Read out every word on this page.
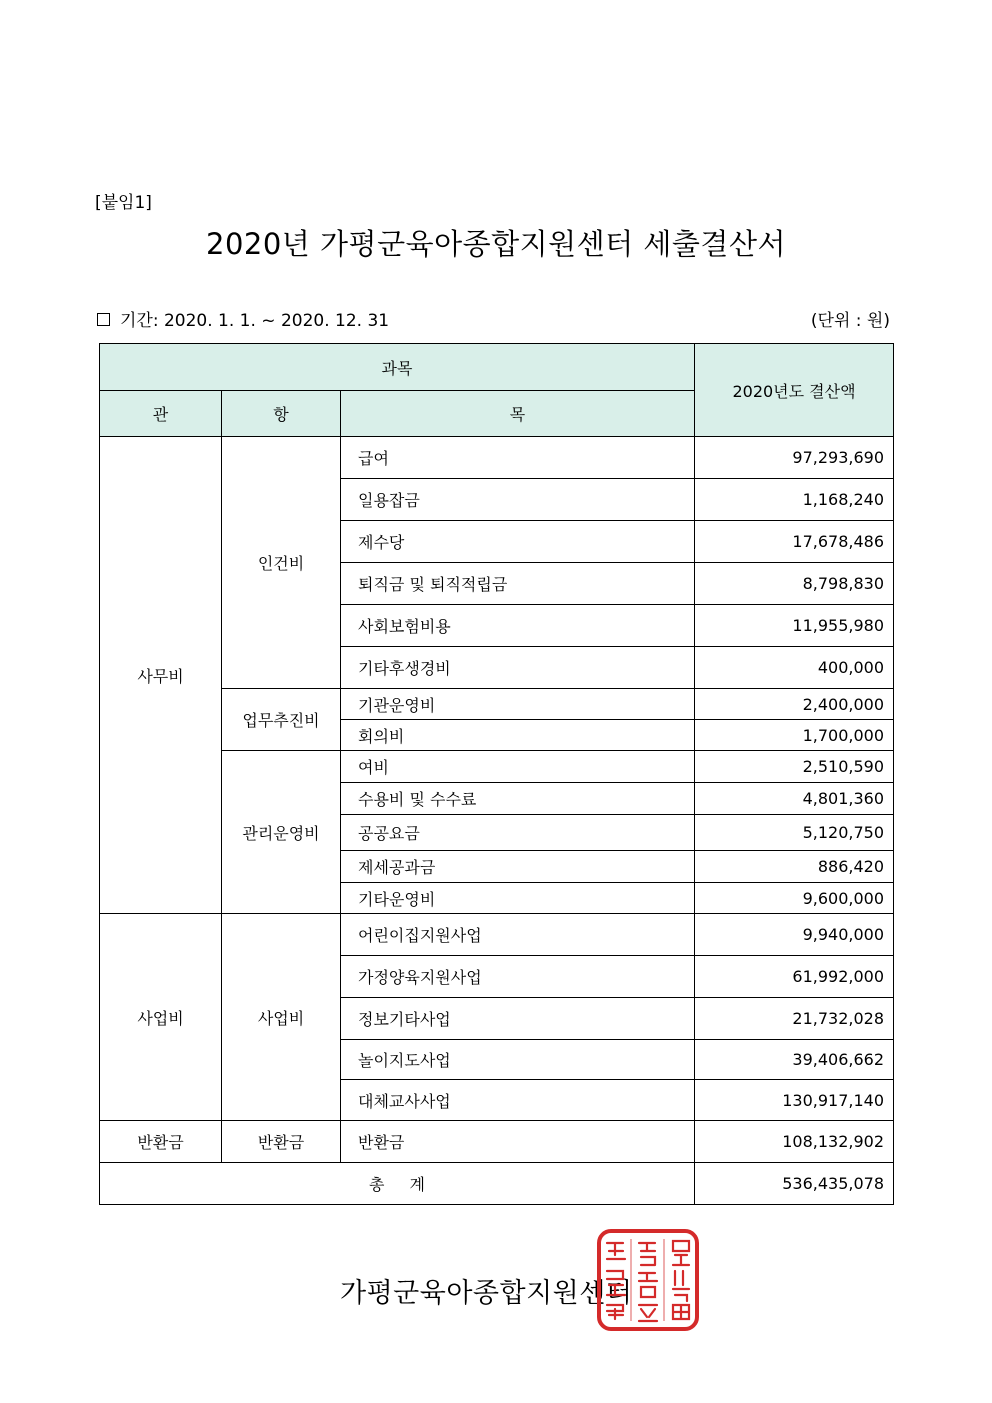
[붙임1]
2020년 가평군육아종합지원센터 세출결산서
기간: 2020. 1. 1. ~ 2020. 12. 31	(단위 : 원)
과목			2020년도 결산액
관	항	목	
사무비	인건비	급여	97,293,690
		일용잡금	1,168,240
		제수당	17,678,486
		퇴직금 및 퇴직적립금	8,798,830
		사회보험비용	11,955,980
		기타후생경비	400,000
	업무추진비	기관운영비	2,400,000
		회의비	1,700,000
	관리운영비	여비	2,510,590
		수용비 및 수수료	4,801,360
		공공요금	5,120,750
		제세공과금	886,420
		기타운영비	9,600,000
사업비	사업비	어린이집지원사업	9,940,000
		가정양육지원사업	61,992,000
		정보기타사업	21,732,028
		놀이지도사업	39,406,662
		대체교사사업	130,917,140
반환금	반환금	반환금	108,132,902
총 계			536,435,078
가평군육아종합지원센터
